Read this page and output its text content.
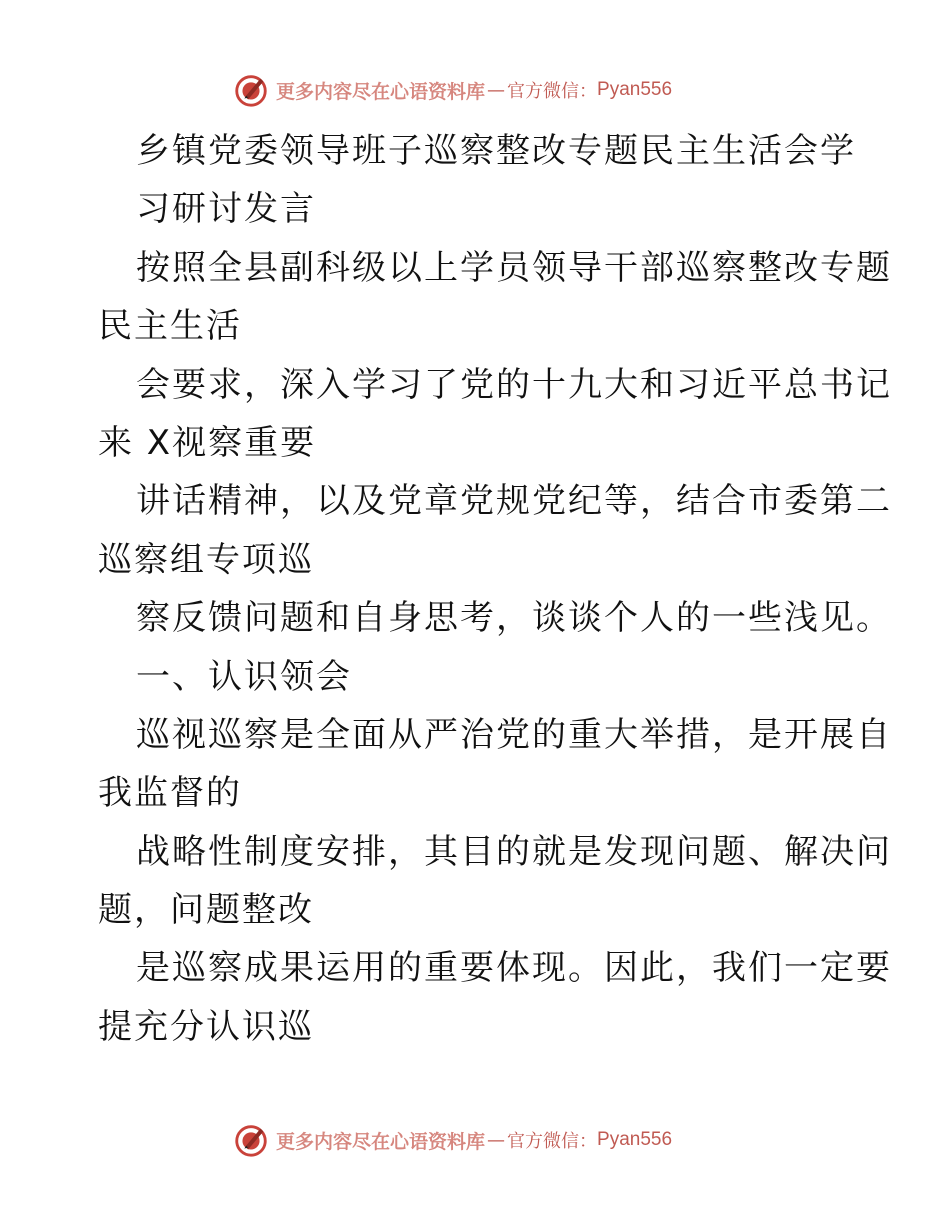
更多内容尽在心语资料库 — 官方微信： Pyan556
乡镇党委领导班子巡察整改专题民主生活会学
习研讨发言
按照全县副科级以上学员领导干部巡察整改专题
民主生活
会要求，深入学习了党的十九大和习近平总书记
来 X视察重要
讲话精神，以及党章党规党纪等，结合市委第二
巡察组专项巡
察反馈问题和自身思考，谈谈个人的一些浅见。
一、认识领会
巡视巡察是全面从严治党的重大举措，是开展自
我监督的
战略性制度安排，其目的就是发现问题、解决问
题，问题整改
是巡察成果运用的重要体现。因此，我们一定要
提充分认识巡
更多内容尽在心语资料库 — 官方微信： Pyan556
